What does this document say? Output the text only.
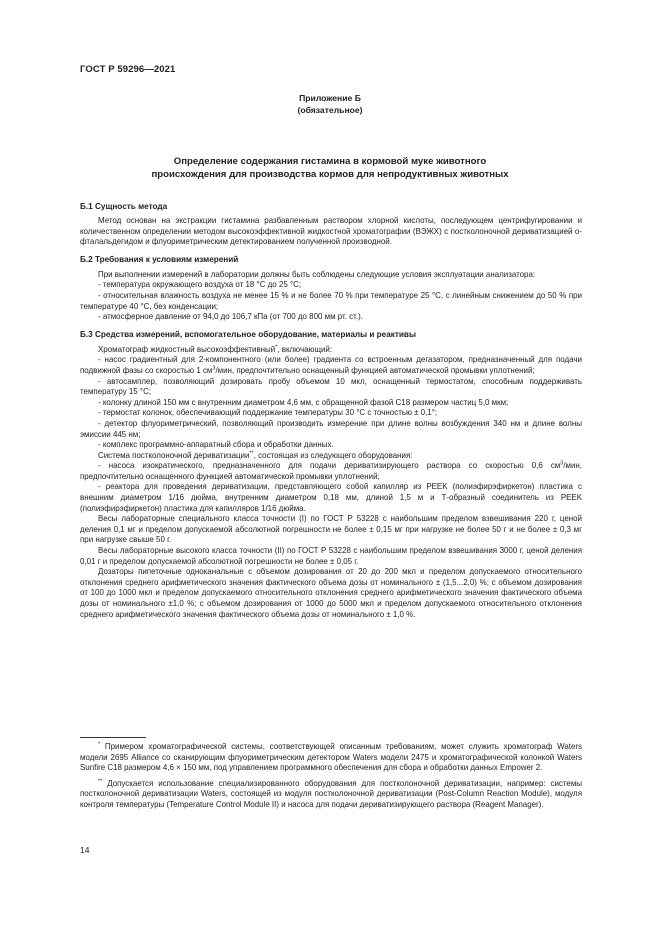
ГОСТ Р 59296—2021
Приложение Б
(обязательное)
Определение содержания гистамина в кормовой муке животного
происхождения для производства кормов для непродуктивных животных
Б.1 Сущность метода

Метод основан на экстракции гистамина разбавленным раствором хлорной кислоты, последующем центрифугировании и количественном определении методом высокоэффективной жидкостной хроматографии (ВЭЖХ) с постколоночной дериватизацией о-фталальдегидом и флуориметрическим детектированием полученной производной.

Б.2 Требования к условиям измерений

При выполнении измерений в лаборатории должны быть соблюдены следующие условия эксплуатации анализатора:

- температура окружающего воздуха от 18 °С до 25 °С;

- относительная влажность воздуха не менее 15 % и не более 70 % при температуре 25 °С, с линейным снижением до 50 % при температуре 40 °С, без конденсации;

- атмосферное давление от 94,0 до 106,7 кПа (от 700 до 800 мм рт. ст.).

Б.3 Средства измерений, вспомогательное оборудование, материалы и реактивы

Хроматограф жидкостный высокоэффективный*, включающий:

- насос градиентный для 2-компонентного (или более) градиента со встроенным дегазатором, предназначенный для подачи подвижной фазы со скоростью 1 $см^3$/мин, предпочтительно оснащенный функцией автоматической промывки уплотнений;

- автосамплер, позволяющий дозировать пробу объемом 10 мкл, оснащенный термостатом, способным поддерживать температуру 15 °С;

- колонку длиной 150 мм с внутренним диаметром 4,6 мм, с обращенной фазой С18 размером частиц 5,0 мкм;

- термостат колонок, обеспечивающий поддержание температуры 30 °С с точностью ± 0,1°;

- детектор флуориметрический, позволяющий производить измерение при длине волны возбуждения 340 нм и длине волны эмиссии 445 нм;

- комплекс программно-аппаратный сбора и обработки данных.

Система постколоночной дериватизации**, состоящая из следующего оборудования:

- насоса изократического, предназначенного для подачи дериватизирующего раствора со скоростью 0,6 $см^3$/мин, предпочтительно оснащенного функцией автоматической промывки уплотнений;

- реактора для проведения дериватизации, представляющего собой капилляр из PEEK (полиэфирэфиркетон) пластика с внешним диаметром 1/16 дюйма, внутренним диаметром 0,18 мм, длиной 1,5 м и Т-образный соединитель из PEEK (полиэфирэфиркетон) пластика для капилляров 1/16 дюйма.

Весы лабораторные специального класса точности (I) по ГОСТ Р 53228 с наибольшим пределом взвешивания 220 г, ценой деления 0,1 мг и пределом допускаемой абсолютной погрешности не более ± 0,15 мг при нагрузке не более 50 г и не более ± 0,3 мг при нагрузке свыше 50 г.

Весы лабораторные высокого класса точности (II) по ГОСТ Р 53228 с наибольшим пределом взвешивания 3000 г, ценой деления 0,01 г и пределом допускаемой абсолютной погрешности не более ± 0,05 г.

Дозаторы пипеточные одноканальные с объемом дозирования от 20 до 200 мкл и пределом допускаемого относительного отклонения среднего арифметического значения фактического объема дозы от номинального ± (1,5...2,0) %; с объемом дозирования от 100 до 1000 мкл и пределом допускаемого относительного отклонения среднего арифметического значения фактического объема дозы от номинального ±1,0 %; с объемом дозирования от 1000 до 5000 мкл и пределом допускаемого относительного отклонения среднего арифметического значения фактического объема дозы от номинального ± 1,0 %.

* Примером хроматографической системы, соответствующей описанным требованиям, может служить хроматограф Waters модели 2695 Alliance со сканирующим флуориметрическим детектором Waters модели 2475 и хроматографической колонкой Waters Sunfire C18 размером 4,6 × 150 мм, под управлением программного обеспечения для сбора и обработки данных Empower 2.

** Допускается использование специализированного оборудования для постколоночной дериватизации, например: системы постколоночной дериватизации Waters, состоящей из модуля постколоночной дериватизации (Post-Column Reaction Module), модуля контроля температуры (Temperature Control Module II) и насоса для подачи дериватизирующего раствора (Reagent Manager).

14
